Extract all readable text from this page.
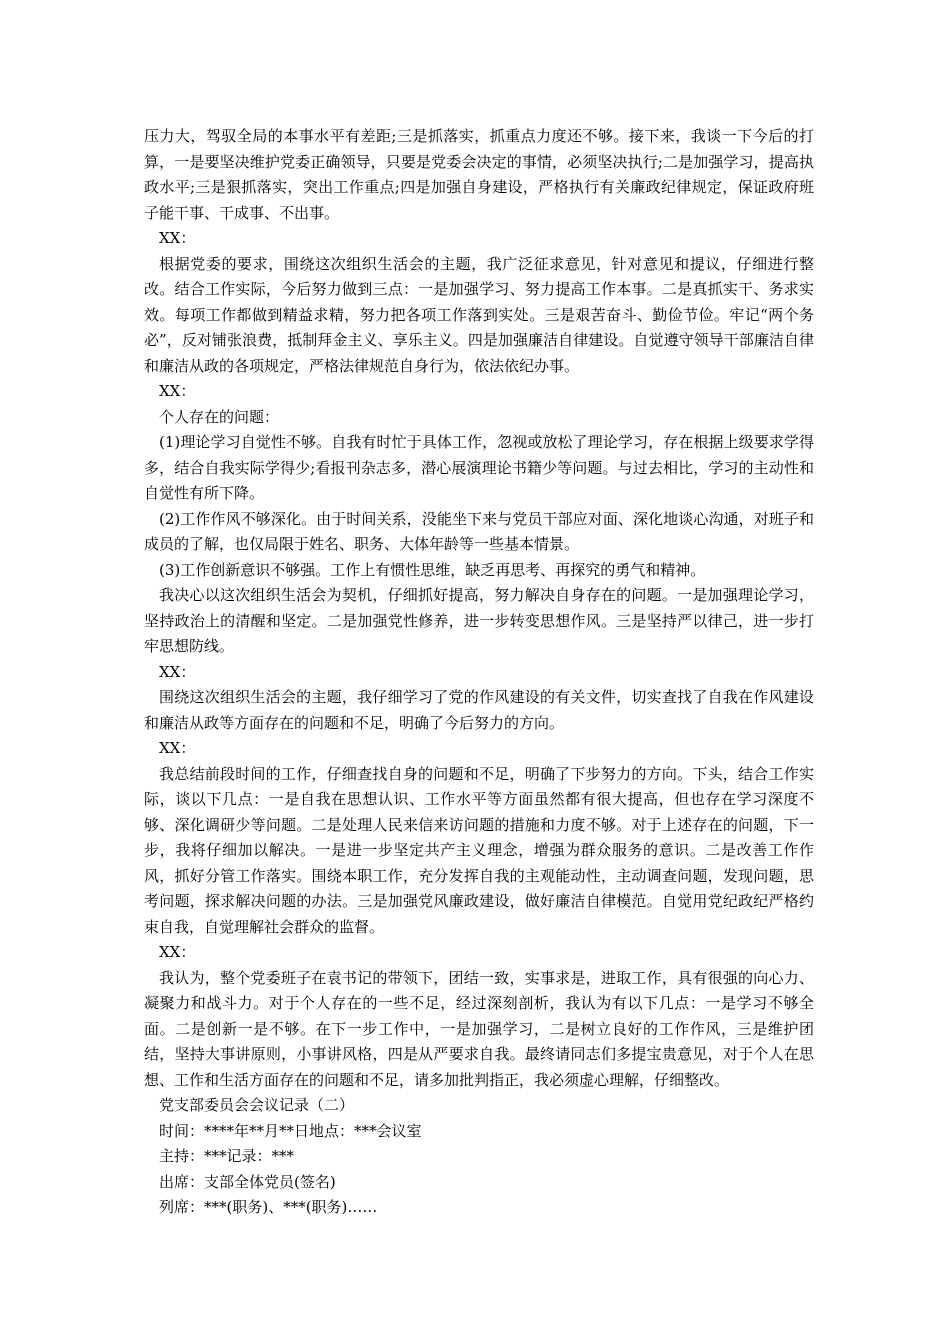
压力大，驾驭全局的本事水平有差距;三是抓落实，抓重点力度还不够。接下来，我谈一下今后的打算，一是要坚决维护党委正确领导，只要是党委会决定的事情，必须坚决执行;二是加强学习，提高执政水平;三是狠抓落实，突出工作重点;四是加强自身建设，严格执行有关廉政纪律规定，保证政府班子能干事、干成事、不出事。

XX：

根据党委的要求，围绕这次组织生活会的主题，我广泛征求意见，针对意见和提议，仔细进行整改。结合工作实际，今后努力做到三点：一是加强学习、努力提高工作本事。二是真抓实干、务求实效。每项工作都做到精益求精，努力把各项工作落到实处。三是艰苦奋斗、勤俭节俭。牢记“两个务必”，反对铺张浪费，抵制拜金主义、享乐主义。四是加强廉洁自律建设。自觉遵守领导干部廉洁自律和廉洁从政的各项规定，严格法律规范自身行为，依法依纪办事。

XX：

个人存在的问题：

(1)理论学习自觉性不够。自我有时忙于具体工作，忽视或放松了理论学习，存在根据上级要求学得多，结合自我实际学得少;看报刊杂志多，潜心展演理论书籍少等问题。与过去相比，学习的主动性和自觉性有所下降。

(2)工作作风不够深化。由于时间关系，没能坐下来与党员干部应对面、深化地谈心沟通，对班子和成员的了解，也仅局限于姓名、职务、大体年龄等一些基本情景。

(3)工作创新意识不够强。工作上有惯性思维，缺乏再思考、再探究的勇气和精神。

我决心以这次组织生活会为契机，仔细抓好提高，努力解决自身存在的问题。一是加强理论学习，坚持政治上的清醒和坚定。二是加强党性修养，进一步转变思想作风。三是坚持严以律己，进一步打牢思想防线。

XX：

围绕这次组织生活会的主题，我仔细学习了党的作风建设的有关文件，切实查找了自我在作风建设和廉洁从政等方面存在的问题和不足，明确了今后努力的方向。

XX：

我总结前段时间的工作，仔细查找自身的问题和不足，明确了下步努力的方向。下头，结合工作实际，谈以下几点：一是自我在思想认识、工作水平等方面虽然都有很大提高，但也存在学习深度不够、深化调研少等问题。二是处理人民来信来访问题的措施和力度不够。对于上述存在的问题，下一步，我将仔细加以解决。一是进一步坚定共产主义理念，增强为群众服务的意识。二是改善工作作风，抓好分管工作落实。围绕本职工作，充分发挥自我的主观能动性，主动调查问题，发现问题，思考问题，探求解决问题的办法。三是加强党风廉政建设，做好廉洁自律模范。自觉用党纪政纪严格约束自我，自觉理解社会群众的监督。

XX：

我认为，整个党委班子在袁书记的带领下，团结一致，实事求是，进取工作，具有很强的向心力、凝聚力和战斗力。对于个人存在的一些不足，经过深刻剖析，我认为有以下几点：一是学习不够全面。二是创新一是不够。在下一步工作中，一是加强学习，二是树立良好的工作作风，三是维护团结，坚持大事讲原则，小事讲风格，四是从严要求自我。最终请同志们多提宝贵意见，对于个人在思想、工作和生活方面存在的问题和不足，请多加批判指正，我必须虚心理解，仔细整改。

党支部委员会会议记录（二）

时间：****年**月**日地点：***会议室

主持：***记录：***

出席：支部全体党员(签名)

列席：***(职务)、***(职务)……
